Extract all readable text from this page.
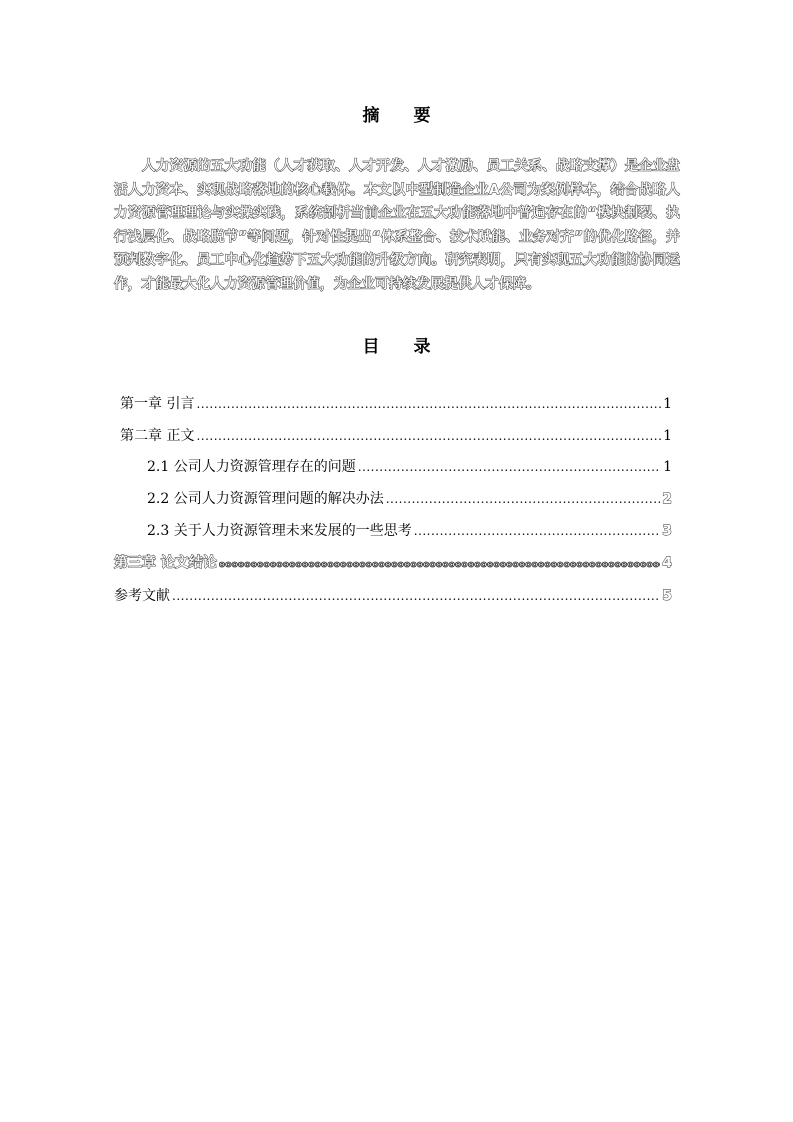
摘 要
人力资源的五大功能（人才获取、人才开发、人才激励、员工关系、战略支撑）是企业盘活人力资本、实现战略落地的核心载体。本文以中型制造企业A公司为案例样本，结合战略人力资源管理理论与实操实践，系统剖析当前企业在五大功能落地中普遍存在的“模块割裂、执行浅层化、战略脱节”等问题，针对性提出“体系整合、技术赋能、业务对齐”的优化路径，并预判数字化、员工中心化趋势下五大功能的升级方向。研究表明，只有实现五大功能的协同运作，才能最大化人力资源管理价值，为企业可持续发展提供人才保障。
目 录
第一章 引言 .....	1
第二章 正文 .....	1
2.1 公司人力资源管理存在的问题 .....	1
2.2 公司人力资源管理问题的解决办法 .....	2
2.3 关于人力资源管理未来发展的一些思考 .....	3
第三章 论文结论 ooooooooooooooooooooooooooooooooooooooooooooooooooooooooooooooooooooooooooooooooooooooooooooooooooooooooooooo	4
参考文献 .....	5
